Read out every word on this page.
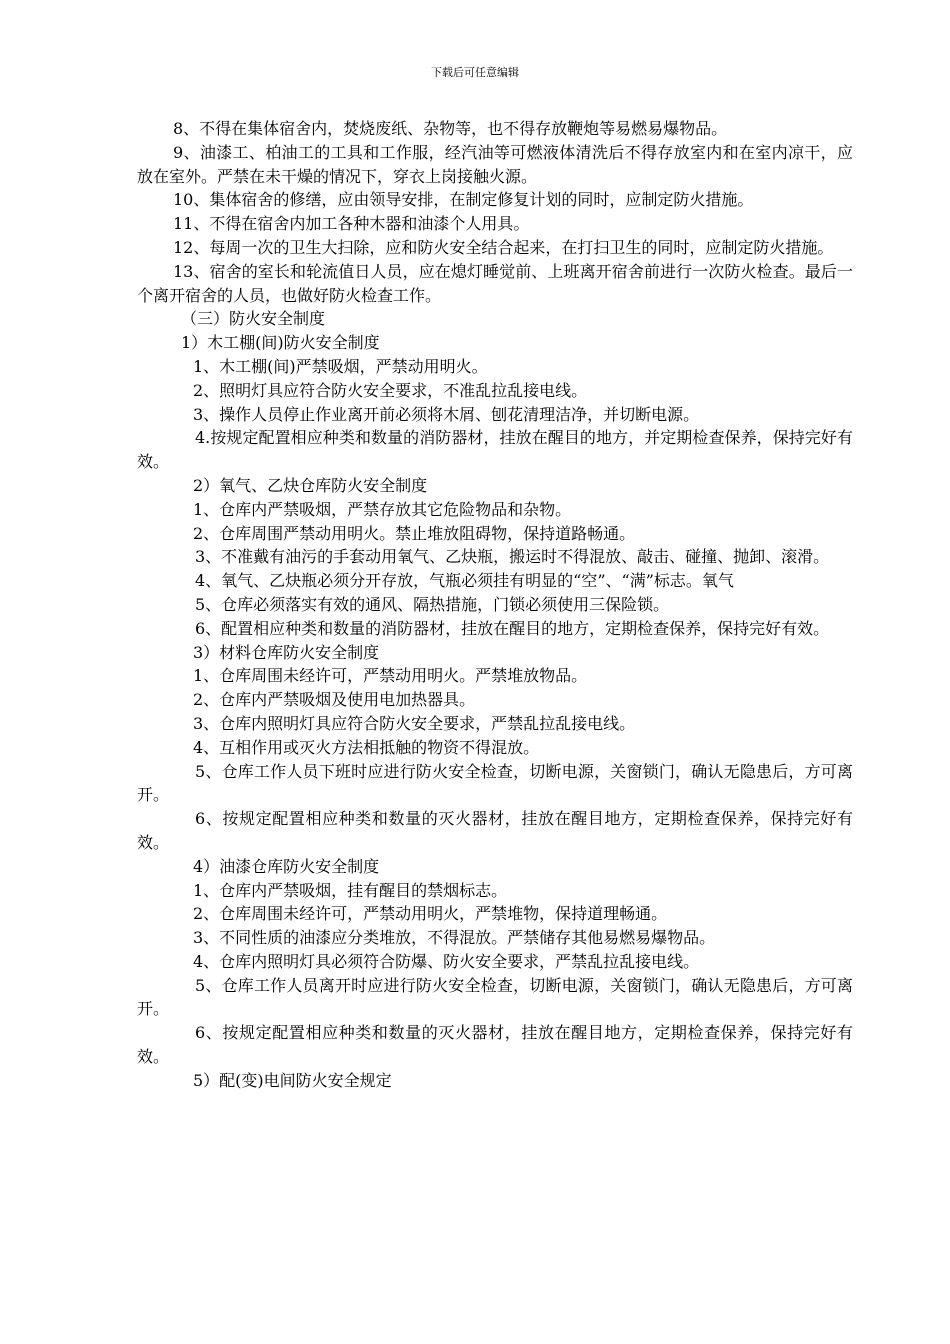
下载后可任意编辑

8、不得在集体宿舍内，焚烧废纸、杂物等，也不得存放鞭炮等易燃易爆物品。

9、油漆工、柏油工的工具和工作服，经汽油等可燃液体清洗后不得存放室内和在室内凉干，应放在室外。严禁在未干燥的情况下，穿衣上岗接触火源。

10、集体宿舍的修缮，应由领导安排，在制定修复计划的同时，应制定防火措施。

11、不得在宿舍内加工各种木器和油漆个人用具。

12、每周一次的卫生大扫除，应和防火安全结合起来，在打扫卫生的同时，应制定防火措施。

13、宿舍的室长和轮流值日人员，应在熄灯睡觉前、上班离开宿舍前进行一次防火检查。最后一个离开宿舍的人员，也做好防火检查工作。

（三）防火安全制度

1）木工棚(间)防火安全制度

1、木工棚(间)严禁吸烟，严禁动用明火。

2、照明灯具应符合防火安全要求，不准乱拉乱接电线。

3、操作人员停止作业离开前必须将木屑、刨花清理洁净，并切断电源。

4.按规定配置相应种类和数量的消防器材，挂放在醒目的地方，并定期检查保养，保持完好有效。

2）氧气、乙炔仓库防火安全制度

1、仓库内严禁吸烟，严禁存放其它危险物品和杂物。

2、仓库周围严禁动用明火。禁止堆放阻碍物，保持道路畅通。

3、不准戴有油污的手套动用氧气、乙炔瓶，搬运时不得混放、敲击、碰撞、抛卸、滚滑。

4、氧气、乙炔瓶必须分开存放，气瓶必须挂有明显的“空”、“满”标志。氧气

5、仓库必须落实有效的通风、隔热措施，门锁必须使用三保险锁。

6、配置相应种类和数量的消防器材，挂放在醒目的地方，定期检查保养，保持完好有效。

3）材料仓库防火安全制度

1、仓库周围未经许可，严禁动用明火。严禁堆放物品。

2、仓库内严禁吸烟及使用电加热器具。

3、仓库内照明灯具应符合防火安全要求，严禁乱拉乱接电线。

4、互相作用或灭火方法相抵触的物资不得混放。

5、仓库工作人员下班时应进行防火安全检查，切断电源，关窗锁门，确认无隐患后，方可离开。

6、按规定配置相应种类和数量的灭火器材，挂放在醒目地方，定期检查保养，保持完好有效。

4）油漆仓库防火安全制度

1、仓库内严禁吸烟，挂有醒目的禁烟标志。

2、仓库周围未经许可，严禁动用明火，严禁堆物，保持道理畅通。

3、不同性质的油漆应分类堆放，不得混放。严禁储存其他易燃易爆物品。

4、仓库内照明灯具必须符合防爆、防火安全要求，严禁乱拉乱接电线。

5、仓库工作人员离开时应进行防火安全检查，切断电源，关窗锁门，确认无隐患后，方可离开。

6、按规定配置相应种类和数量的灭火器材，挂放在醒目地方，定期检查保养，保持完好有效。

5）配(变)电间防火安全规定
